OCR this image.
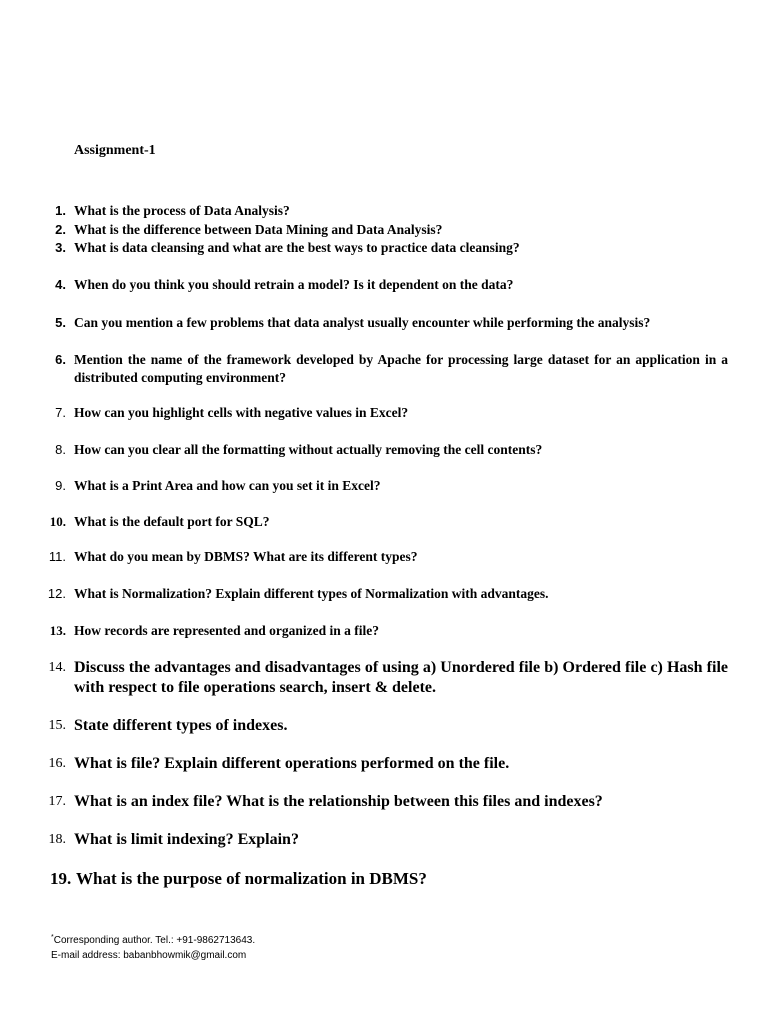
Assignment-1

1. What is the process of Data Analysis?
2. What is the difference between Data Mining and Data Analysis?
3. What is data cleansing and what are the best ways to practice data cleansing?
4. When do you think you should retrain a model? Is it dependent on the data?
5. Can you mention a few problems that data analyst usually encounter while performing the analysis?
6. Mention the name of the framework developed by Apache for processing large dataset for an application in a distributed computing environment?
7. How can you highlight cells with negative values in Excel?
8. How can you clear all the formatting without actually removing the cell contents?
9. What is a Print Area and how can you set it in Excel?
10. What is the default port for SQL?
11. What do you mean by DBMS? What are its different types?
12. What is Normalization? Explain different types of Normalization with advantages.
13. How records are represented and organized in a file?
14. Discuss the advantages and disadvantages of using a) Unordered file b) Ordered file c) Hash file with respect to file operations search, insert & delete.
15. State different types of indexes.
16. What is file? Explain different operations performed on the file.
17. What is an index file? What is the relationship between this files and indexes?
18. What is limit indexing? Explain?
19. What is the purpose of normalization in DBMS?
*Corresponding author. Tel.: +91-9862713643.
E-mail address: babanbhowmik@gmail.com
